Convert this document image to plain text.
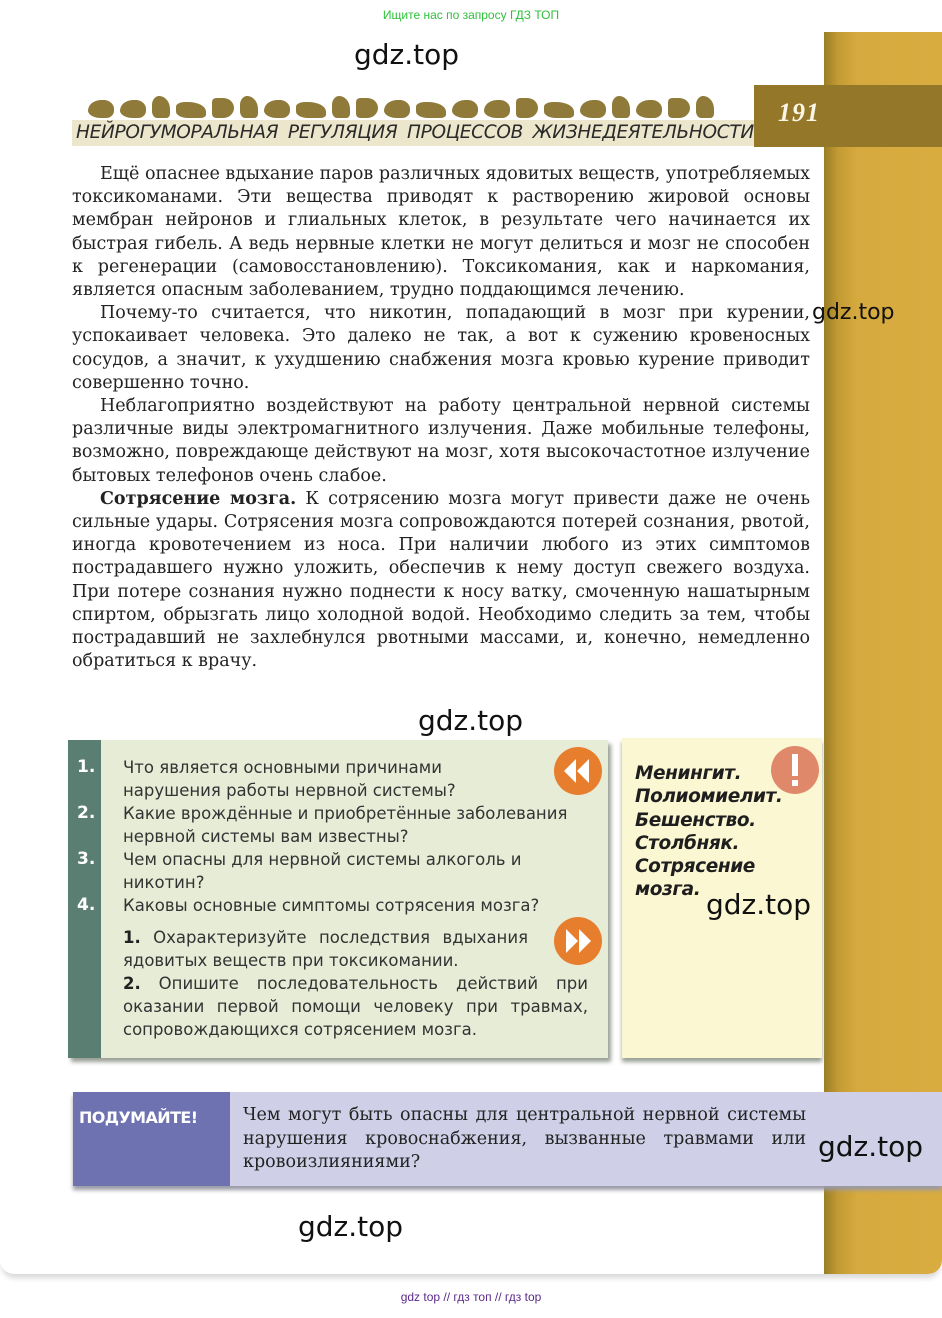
Ищите нас по запросу ГДЗ ТОП
191
НЕЙРОГУМОРАЛЬНАЯ РЕГУЛЯЦИЯ ПРОЦЕССОВ ЖИЗНЕДЕЯТЕЛЬНОСТИ
gdz.top
gdz.top
gdz.top

Ещё опаснее вдыхание паров различных ядовитых веществ, употребляемых токсикоманами. Эти вещества приводят к растворению жировой основы мембран нейронов и глиальных клеток, в результате чего начинается их быстрая гибель. А ведь нервные клетки не могут делиться и мозг не способен к регенерации (самовосстановлению). Токсикомания, как и наркомания, является опасным заболеванием, трудно поддающимся лечению.

Почему-то считается, что никотин, попадающий в мозг при курении, успокаивает человека. Это далеко не так, а вот к сужению кровеносных сосудов, а значит, к ухудшению снабжения мозга кровью курение приводит совершенно точно.

Неблагоприятно воздействуют на работу центральной нервной системы различные виды электромагнитного излучения. Даже мобильные телефоны, возможно, повреждающе действуют на мозг, хотя высокочастотное излучение бытовых телефонов очень слабое.

Сотрясение мозга. К сотрясению мозга могут привести даже не очень сильные удары. Сотрясения мозга сопровождаются потерей сознания, рвотой, иногда кровотечением из носа. При наличии любого из этих симптомов пострадавшего нужно уложить, обеспечив к нему доступ свежего воздуха. При потере сознания нужно поднести к носу ватку, смоченную нашатырным спиртом, обрызгать лицо холодной водой. Необходимо следить за тем, чтобы пострадавший не захлебнулся рвотными массами, и, конечно, немедленно обратиться к врачу.

1. Что является основными причинами нарушения работы нервной системы?
2. Какие врождённые и приобретённые заболевания нервной системы вам известны?
3. Чем опасны для нервной системы алкоголь и никотин?
4. Каковы основные симптомы сотрясения мозга?
1. Охарактеризуйте последствия вдыхания ядовитых веществ при токсикомании.
2. Опишите последовательность действий при оказании первой помощи человеку при травмах, сопровождающихся сотрясением мозга.
Менингит.
Полиомиелит.
Бешенство.
Столбняк.
Сотрясение
мозга. gdz.top
ПОДУМАЙТЕ!	Чем могут быть опасны для центральной нервной системы нарушения кровоснабжения, вызванные травмами или кровоизлияниями?	gdz.top
gdz.top
gdz top // гдз топ // гдз top
